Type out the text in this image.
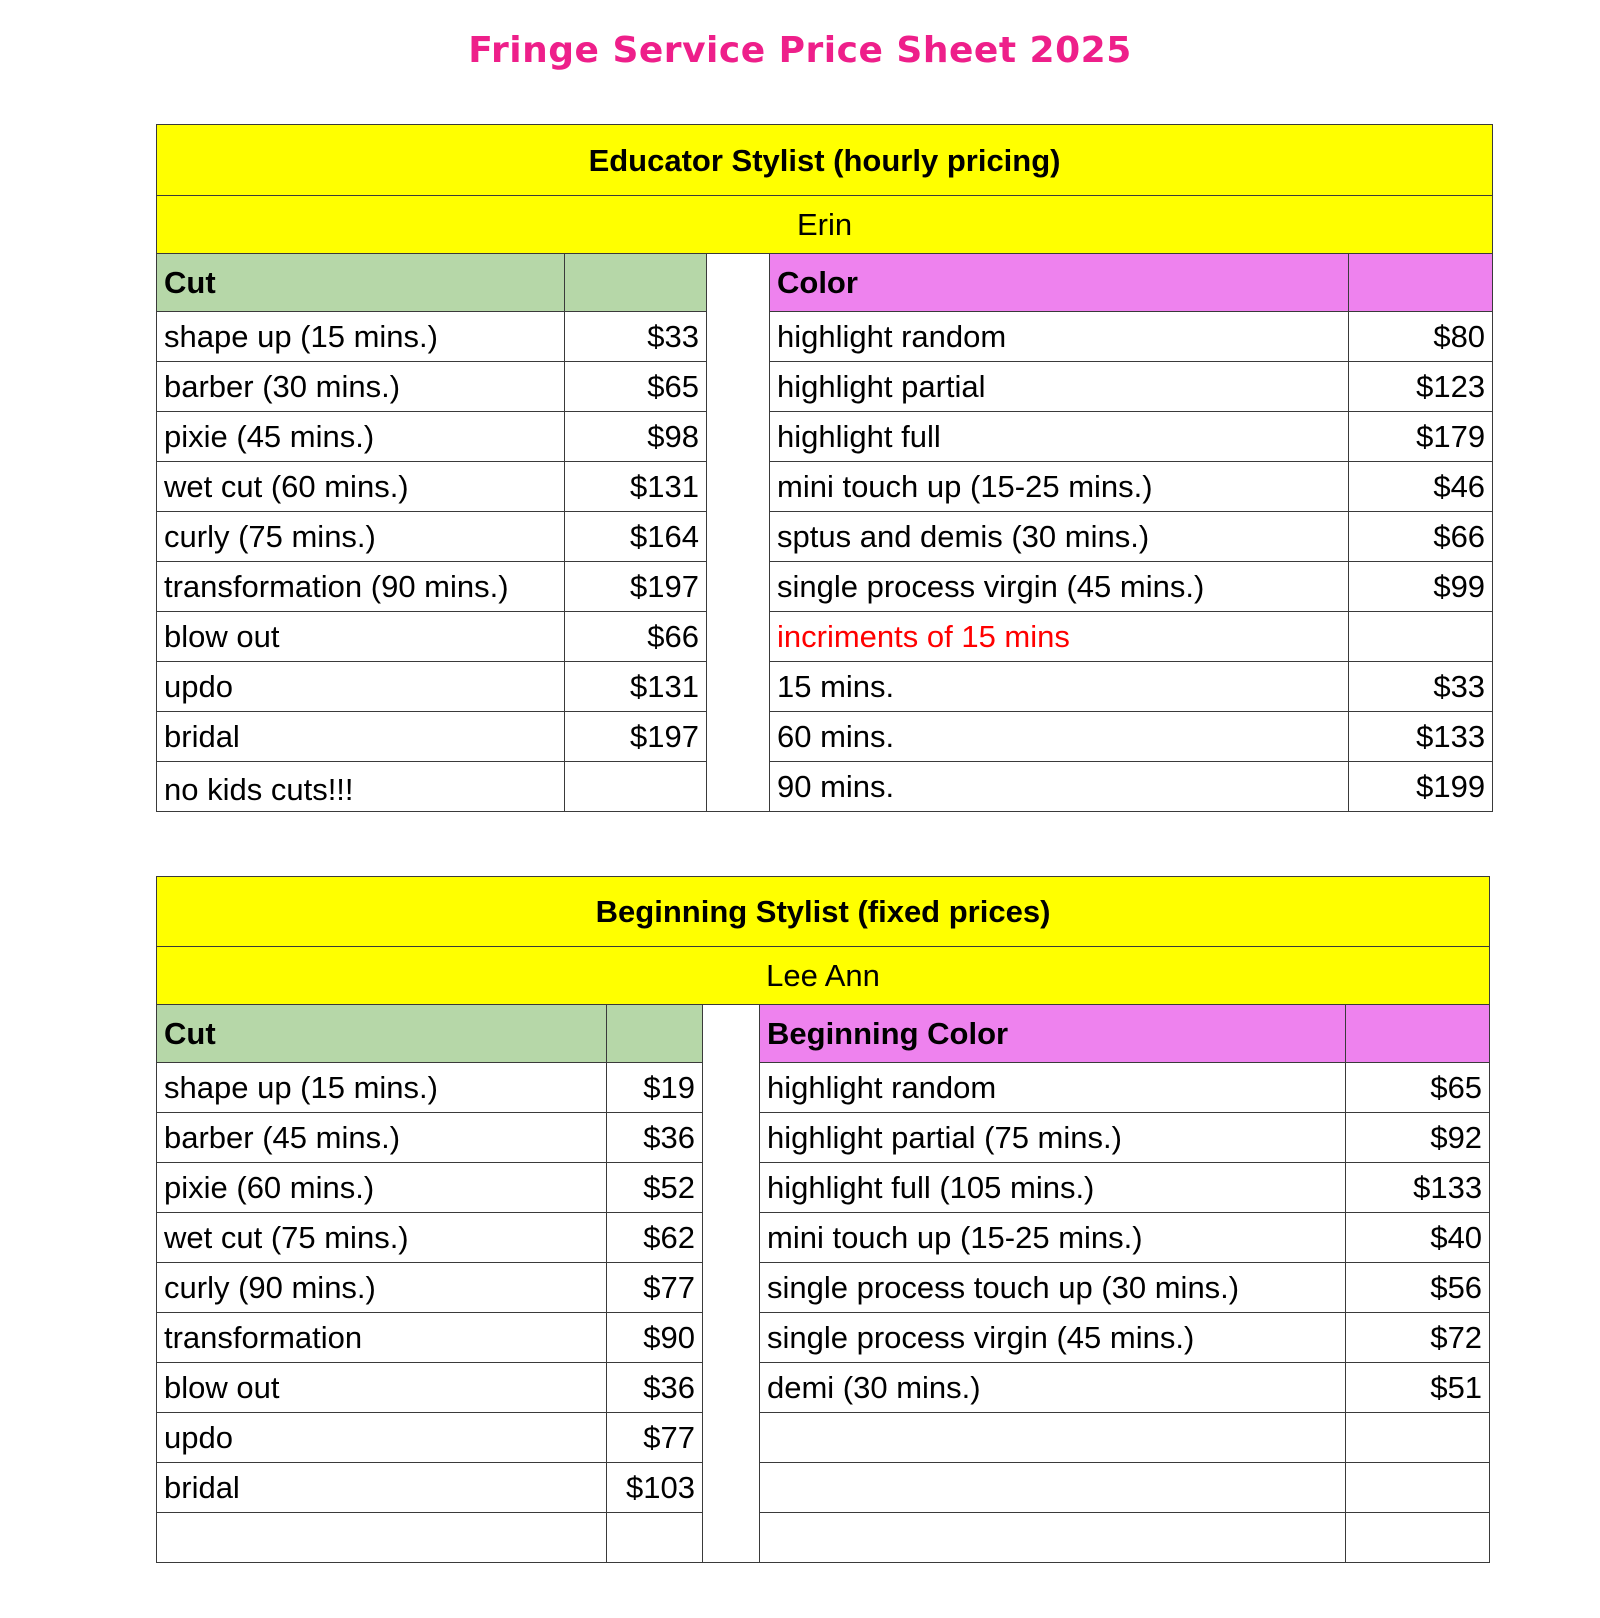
Fringe Service Price Sheet 2025
Educator Stylist (hourly pricing)				
Erin				
Cut			Color	
shape up (15 mins.)	$33		highlight random	$80
barber (30 mins.)	$65		highlight partial	$123
pixie (45 mins.)	$98		highlight full	$179
wet cut (60 mins.)	$131		mini touch up (15-25 mins.)	$46
curly (75 mins.)	$164		sptus and demis (30 mins.)	$66
transformation (90 mins.)	$197		single process virgin (45 mins.)	$99
blow out	$66		incriments of 15 mins	
updo	$131		15 mins.	$33
bridal	$197		60 mins.	$133
no kids cuts!!!			90 mins.	$199
Beginning Stylist (fixed prices)				
Lee Ann				
Cut			Beginning Color	
shape up (15 mins.)	$19		highlight random	$65
barber (45 mins.)	$36		highlight partial (75 mins.)	$92
pixie (60 mins.)	$52		highlight full (105 mins.)	$133
wet cut (75 mins.)	$62		mini touch up (15-25 mins.)	$40
curly (90 mins.)	$77		single process touch up (30 mins.)	$56
transformation	$90		single process virgin (45 mins.)	$72
blow out	$36		demi (30 mins.)	$51
updo	$77			
bridal	$103			
